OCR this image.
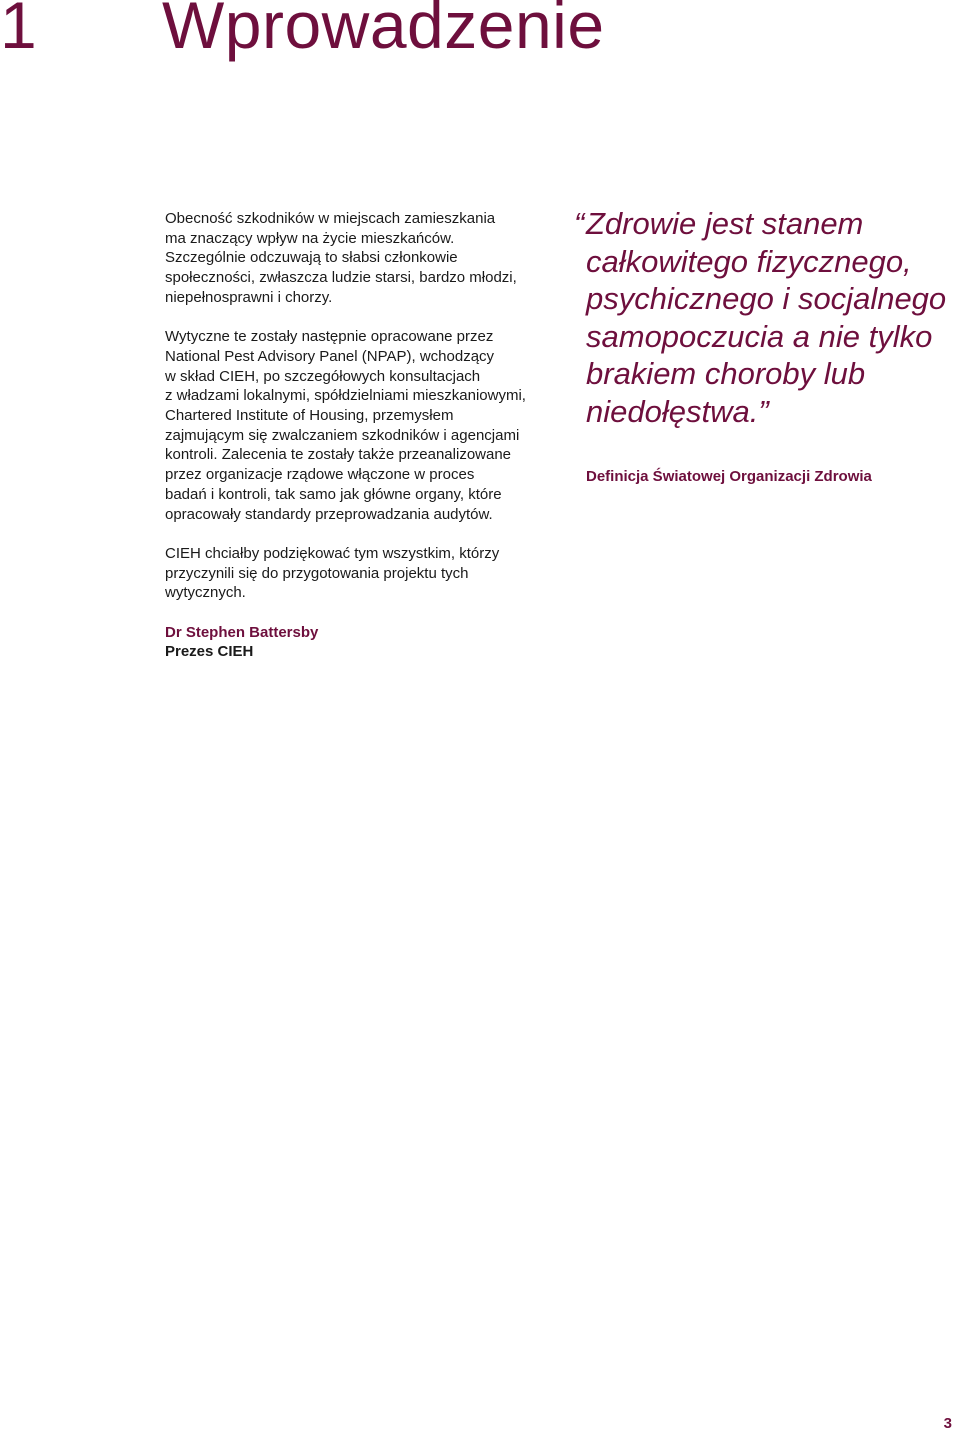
1 Wprowadzenie

Obecność szkodników w miejscach zamieszkania
ma znaczący wpływ na życie mieszkańców.
Szczególnie odczuwają to słabsi członkowie
społeczności, zwłaszcza ludzie starsi, bardzo młodzi,
niepełnosprawni i chorzy.

Wytyczne te zostały następnie opracowane przez
National Pest Advisory Panel (NPAP), wchodzący
w skład CIEH, po szczegółowych konsultacjach
z władzami lokalnymi, spółdzielniami mieszkaniowymi,
Chartered Institute of Housing, przemysłem
zajmującym się zwalczaniem szkodników i agencjami
kontroli. Zalecenia te zostały także przeanalizowane
przez organizacje rządowe włączone w proces
badań i kontroli, tak samo jak główne organy, które
opracowały standardy przeprowadzania audytów.

CIEH chciałby podziękować tym wszystkim, którzy
przyczynili się do przygotowania projektu tych
wytycznych.

Dr Stephen Battersby
Prezes CIEH

“Zdrowie jest stanem
całkowitego fizycznego,
psychicznego i socjalnego
samopoczucia a nie tylko
brakiem choroby lub
niedołęstwa.”
Definicja Światowej Organizacji Zdrowia
3
